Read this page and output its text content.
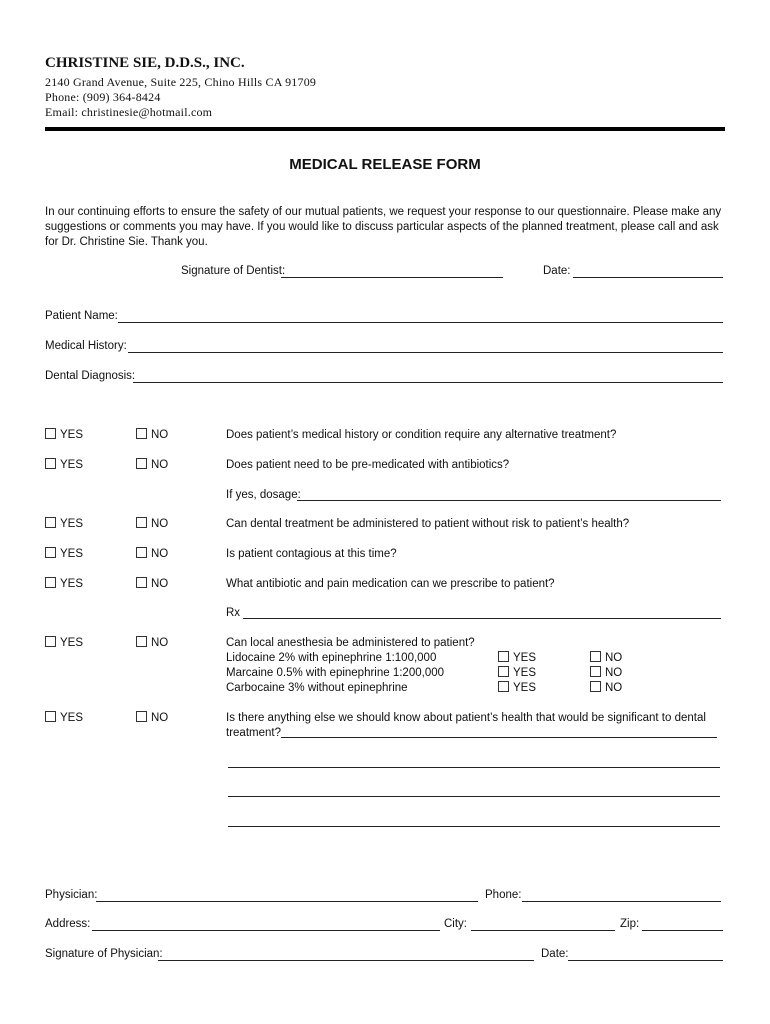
CHRISTINE SIE, D.D.S., INC.
2140 Grand Avenue, Suite 225, Chino Hills CA 91709
Phone: (909) 364-8424
Email: christinesie@hotmail.com
MEDICAL RELEASE FORM
In our continuing efforts to ensure the safety of our mutual patients, we request your response to our questionnaire. Please make any suggestions or comments you may have. If you would like to discuss particular aspects of the planned treatment, please call and ask for Dr. Christine Sie. Thank you.
Signature of Dentist:	Date:
Patient Name:
Medical History:
Dental Diagnosis:
YES	NO	Does patient’s medical history or condition require any alternative treatment?
YES	NO	Does patient need to be pre-medicated with antibiotics?
If yes, dosage:
YES	NO	Can dental treatment be administered to patient without risk to patient’s health?
YES	NO	Is patient contagious at this time?
YES	NO	What antibiotic and pain medication can we prescribe to patient?
Rx
YES	NO	Can local anesthesia be administered to patient?
Lidocaine 2% with epinephrine 1:100,000	YES	NO
Marcaine 0.5% with epinephrine 1:200,000	YES	NO
Carbocaine 3% without epinephrine	YES	NO
YES	NO	Is there anything else we should know about patient’s health that would be significant to dental
treatment?
Physician:	Phone:
Address:	City:	Zip:
Signature of Physician:	Date:
